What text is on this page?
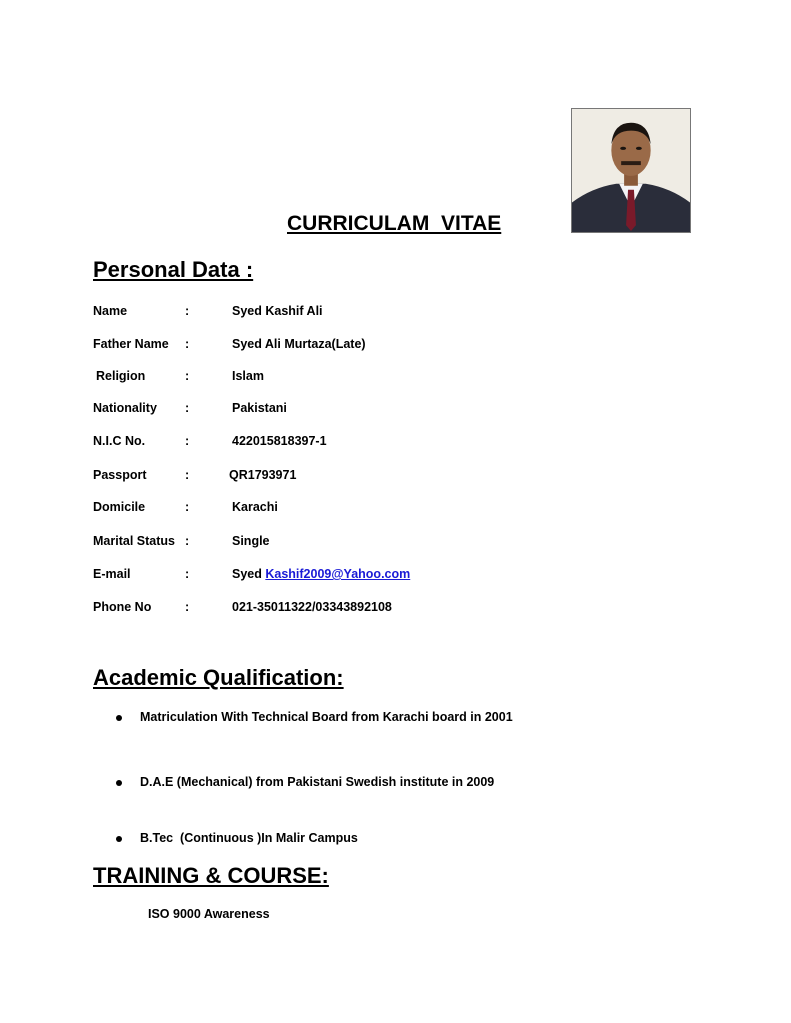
CURRICULAM  VITAE
Personal Data :
Name	:	Syed Kashif Ali
Father Name :	Syed Ali Murtaza(Late)
Religion	:	Islam
Nationality :	Pakistani
N.I.C No.	:	422015818397-1
Passport	:	QR1793971
Domicile	:	Karachi
Marital Status :	Single
E-mail	:	Syed Kashif2009@Yahoo.com
Phone No	:	021-35011322/03343892108
Academic Qualification:
Matriculation With Technical Board from Karachi board in 2001
D.A.E (Mechanical) from Pakistani Swedish institute in 2009
B.Tec  (Continuous )In Malir Campus
TRAINING & COURSE:
ISO 9000 Awareness
